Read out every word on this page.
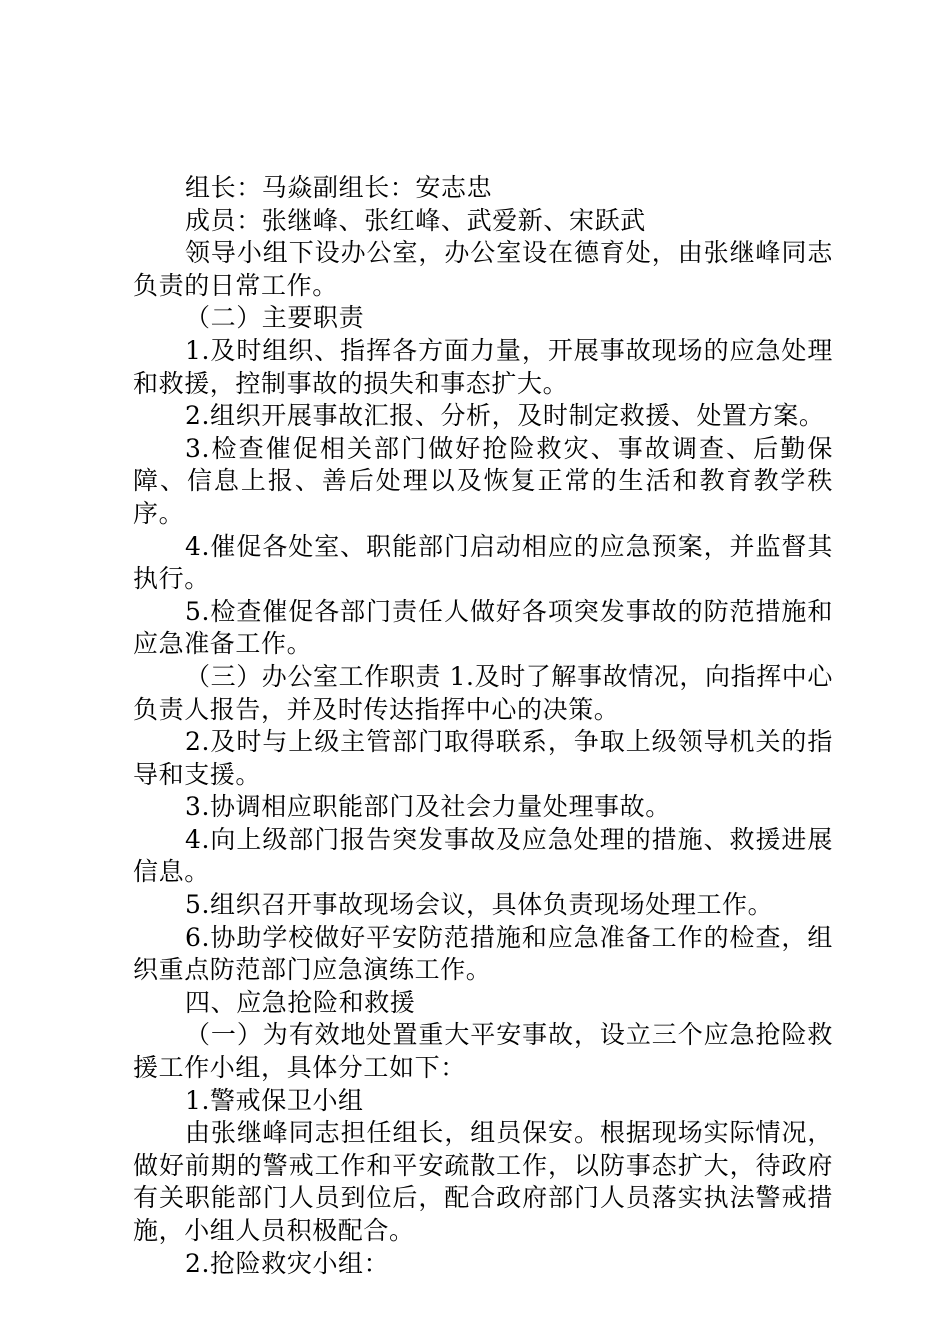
组长：马焱副组长：安志忠

成员：张继峰、张红峰、武爱新、宋跃武

领导小组下设办公室，办公室设在德育处，由张继峰同志负责的日常工作。

（二）主要职责

1.及时组织、指挥各方面力量，开展事故现场的应急处理和救援，控制事故的损失和事态扩大。

2.组织开展事故汇报、分析，及时制定救援、处置方案。

3.检查催促相关部门做好抢险救灾、事故调查、后勤保障、信息上报、善后处理以及恢复正常的生活和教育教学秩序。

4.催促各处室、职能部门启动相应的应急预案，并监督其执行。

5.检查催促各部门责任人做好各项突发事故的防范措施和应急准备工作。

（三）办公室工作职责 1.及时了解事故情况，向指挥中心负责人报告，并及时传达指挥中心的决策。

2.及时与上级主管部门取得联系，争取上级领导机关的指导和支援。

3.协调相应职能部门及社会力量处理事故。

4.向上级部门报告突发事故及应急处理的措施、救援进展信息。

5.组织召开事故现场会议，具体负责现场处理工作。

6.协助学校做好平安防范措施和应急准备工作的检查，组织重点防范部门应急演练工作。

四、应急抢险和救援

（一）为有效地处置重大平安事故，设立三个应急抢险救援工作小组，具体分工如下：

1.警戒保卫小组

由张继峰同志担任组长，组员保安。根据现场实际情况，做好前期的警戒工作和平安疏散工作，以防事态扩大，待政府有关职能部门人员到位后，配合政府部门人员落实执法警戒措施，小组人员积极配合。

2.抢险救灾小组：
